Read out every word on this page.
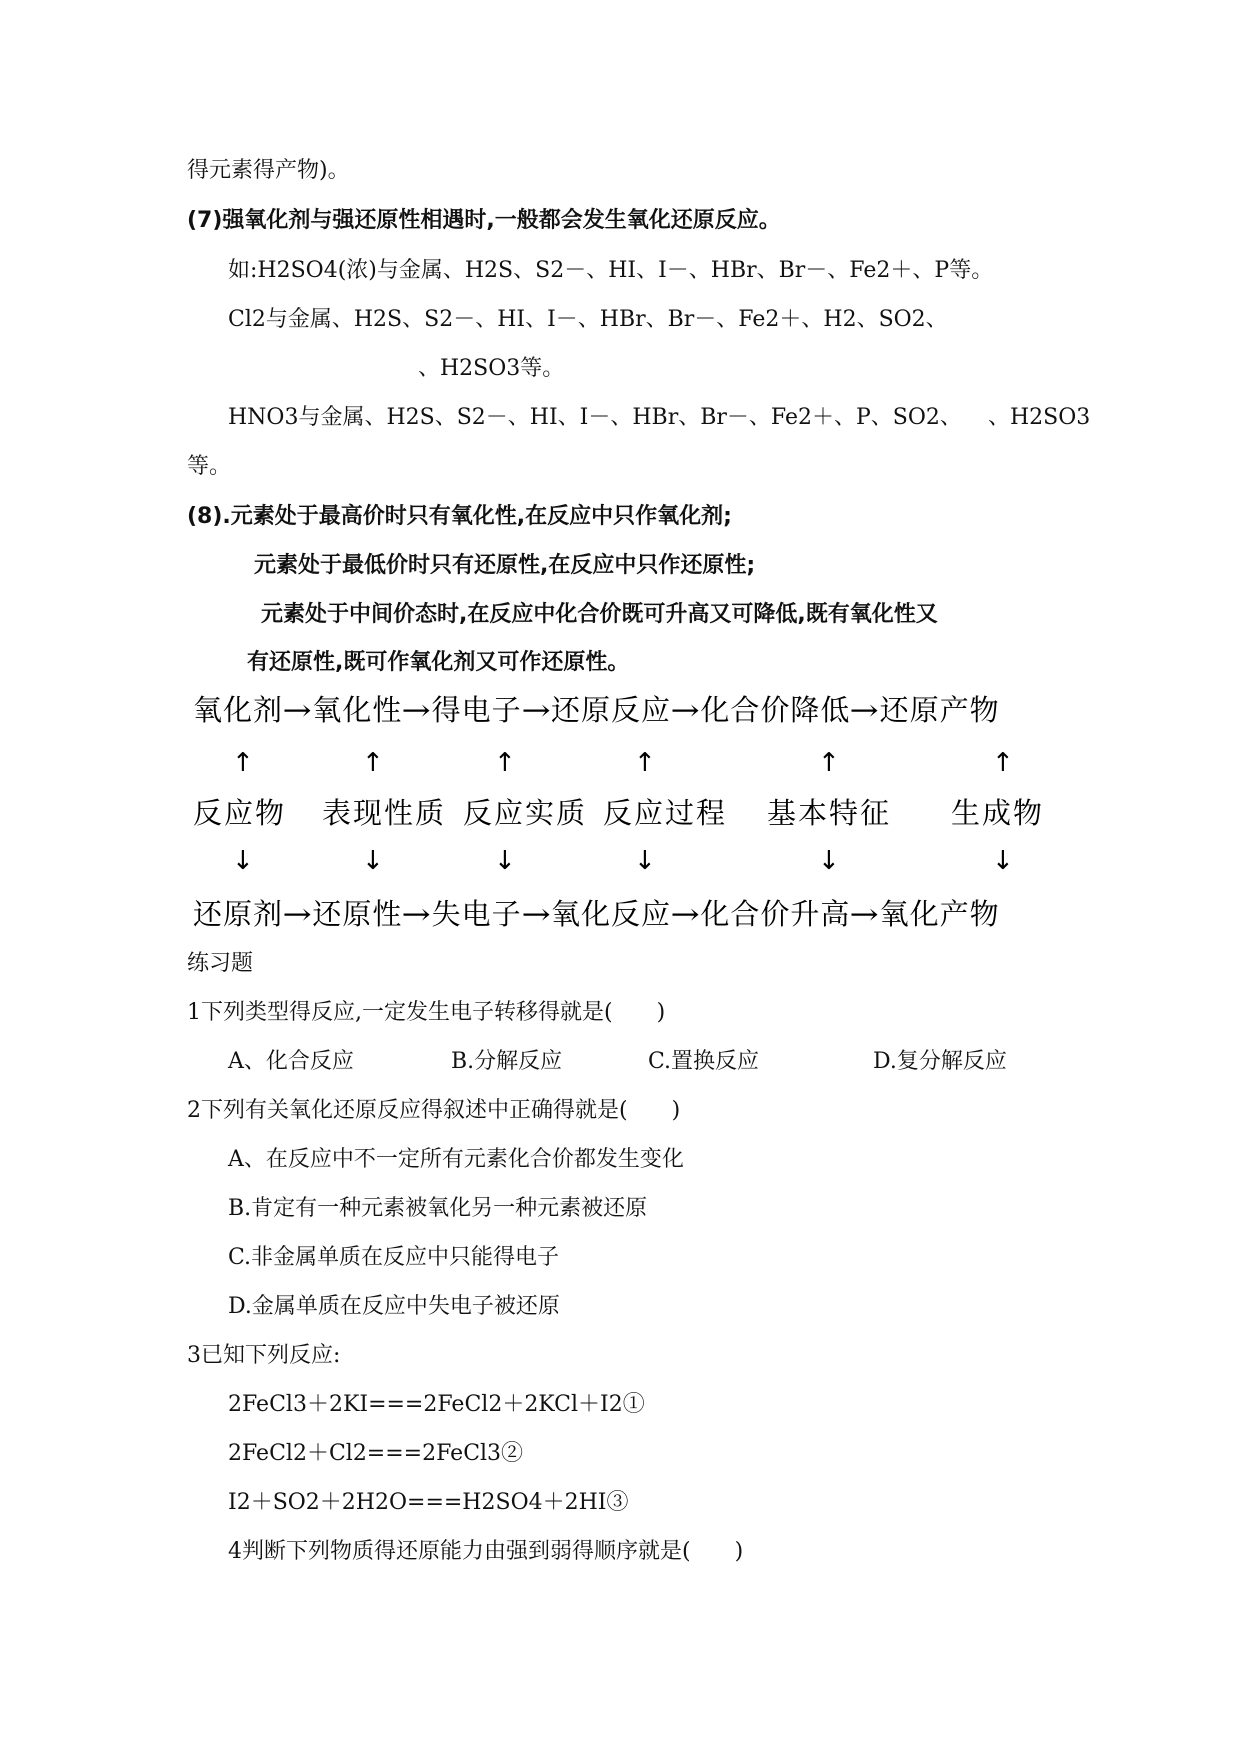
得元素得产物)。
(7)强氧化剂与强还原性相遇时,一般都会发生氧化还原反应。
如:H2SO4(浓)与金属、H2S、S2－、HI、I－、HBr、Br－、Fe2＋、P等。
Cl2与金属、H2S、S2－、HI、I－、HBr、Br－、Fe2＋、H2、SO2、
、H2SO3等。
HNO3与金属、H2S、S2－、HI、I－、HBr、Br－、Fe2＋、P、SO2、 、H2SO3
等。
(8).元素处于最高价时只有氧化性,在反应中只作氧化剂;
元素处于最低价时只有还原性,在反应中只作还原性;
元素处于中间价态时,在反应中化合价既可升高又可降低,既有氧化性又
有还原性,既可作氧化剂又可作还原性。
氧化剂→氧化性→得电子→还原反应→化合价降低→还原产物
↑	↑	↑	↑	↑	↑
反应物 表现性质 反应实质 反应过程 基本特征 生成物
↓	↓	↓	↓	↓	↓
还原剂→还原性→失电子→氧化反应→化合价升高→氧化产物
练习题
1下列类型得反应,一定发生电子转移得就是(　　)
A、化合反应	B.分解反应	C.置换反应	D.复分解反应
2下列有关氧化还原反应得叙述中正确得就是(　　)
A、在反应中不一定所有元素化合价都发生变化
B.肯定有一种元素被氧化另一种元素被还原
C.非金属单质在反应中只能得电子
D.金属单质在反应中失电子被还原
3已知下列反应:
2FeCl3＋2KI===2FeCl2＋2KCl＋I2①
2FeCl2＋Cl2===2FeCl3②
I2＋SO2＋2H2O===H2SO4＋2HI③
4判断下列物质得还原能力由强到弱得顺序就是(　　)
